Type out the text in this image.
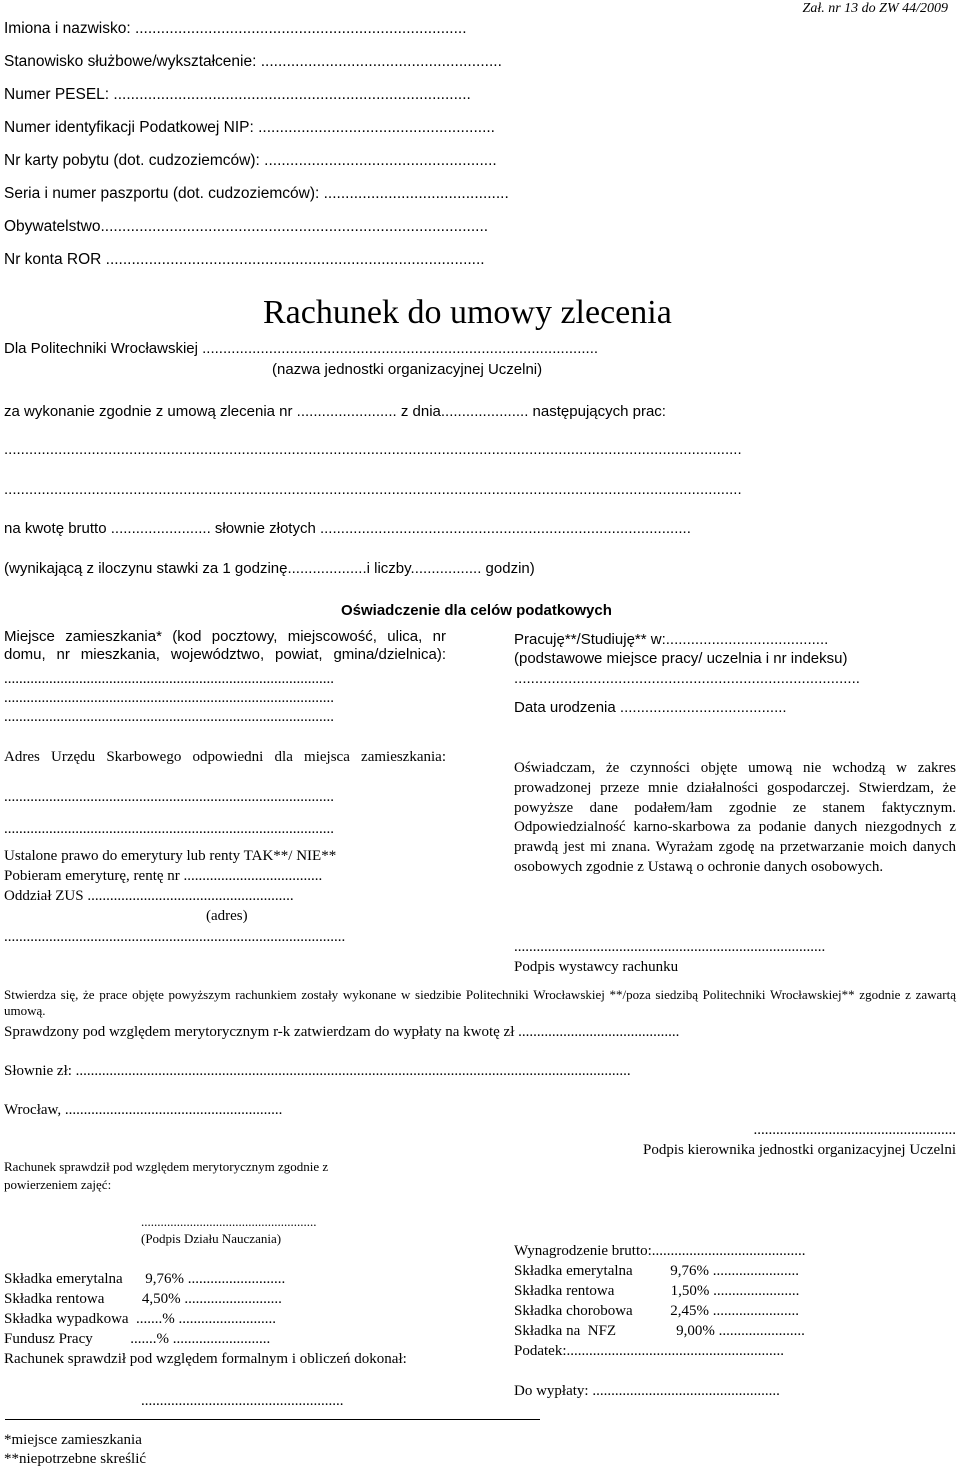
Zał. nr 13 do ZW 44/2009
Imiona i nazwisko: .............................................................................
Stanowisko służbowe/wykształcenie: ........................................................
Numer PESEL: ...................................................................................
Numer identyfikacji Podatkowej NIP: .......................................................
Nr karty pobytu (dot. cudzoziemców): ......................................................
Seria i numer paszportu (dot. cudzoziemców): ...........................................
Obywatelstwo..........................................................................................
Nr konta ROR ........................................................................................
Rachunek do umowy zlecenia
Dla Politechniki Wrocławskiej ...............................................................................................
(nazwa jednostki organizacyjnej Uczelni)
za wykonanie zgodnie z umową zlecenia nr ........................ z dnia..................... następujących prac:
.................................................................................................................................................................................
.................................................................................................................................................................................
na kwotę brutto ........................ słownie złotych .........................................................................................
(wynikającą z iloczynu stawki za 1 godzinę...................i liczby................. godzin)
Oświadczenie dla celów podatkowych
Miejsce zamieszkania* (kod pocztowy, miejscowość, ulica, nr domu, nr mieszkania, województwo, powiat, gmina/dzielnica):
........................................................................................
........................................................................................
........................................................................................
Adres Urzędu Skarbowego odpowiedni dla miejsca zamieszkania:
........................................................................................
........................................................................................
Ustalone prawo do emerytury lub renty TAK**/ NIE**
Pobieram emeryturę, rentę nr .....................................
Oddział ZUS .......................................................
(adres)
...........................................................................................
Pracuję**/Studiuję** w:.......................................
(podstawowe miejsce pracy/ uczelnia i nr indeksu)
...................................................................................
Data urodzenia ........................................
Oświadczam, że czynności objęte umową nie wchodzą w zakres prowadzonej przeze mnie działalności gospodarczej. Stwierdzam, że powyższe dane podałem/łam zgodnie ze stanem faktycznym. Odpowiedzialność karno-skarbowa za podanie danych niezgodnych z prawdą jest mi znana. Wyrażam zgodę na przetwarzanie moich danych osobowych zgodnie z Ustawą o ochronie danych osobowych.
...................................................................................
Podpis wystawcy rachunku
Stwierdza się, że prace objęte powyższym rachunkiem zostały wykonane w siedzibie Politechniki Wrocławskiej **/poza siedzibą Politechniki Wrocławskiej** zgodnie z zawartą umową.
Sprawdzony pod względem merytorycznym r-k zatwierdzam do wypłaty na kwotę zł ...........................................
Słownie zł: ....................................................................................................................................................
Wrocław, ..........................................................
......................................................
Podpis kierownika jednostki organizacyjnej Uczelni
Rachunek sprawdził pod względem merytorycznym zgodnie z powierzeniem zajęć:
......................................................
(Podpis Działu Nauczania)
Składka emerytalna      9,76% ..........................
Składka rentowa          4,50% ..........................
Składka wypadkowa  .......% ..........................
Fundusz Pracy          .......% ..........................
Rachunek sprawdził pod względem formalnym i obliczeń dokonał:
......................................................
Wynagrodzenie brutto:.........................................
Składka emerytalna          9,76% .......................
Składka rentowa               1,50% .......................
Składka chorobowa          2,45% .......................
Składka na  NFZ                9,00% .......................
Podatek:..........................................................
Do wypłaty: ..................................................
*miejsce zamieszkania
**niepotrzebne skreślić
